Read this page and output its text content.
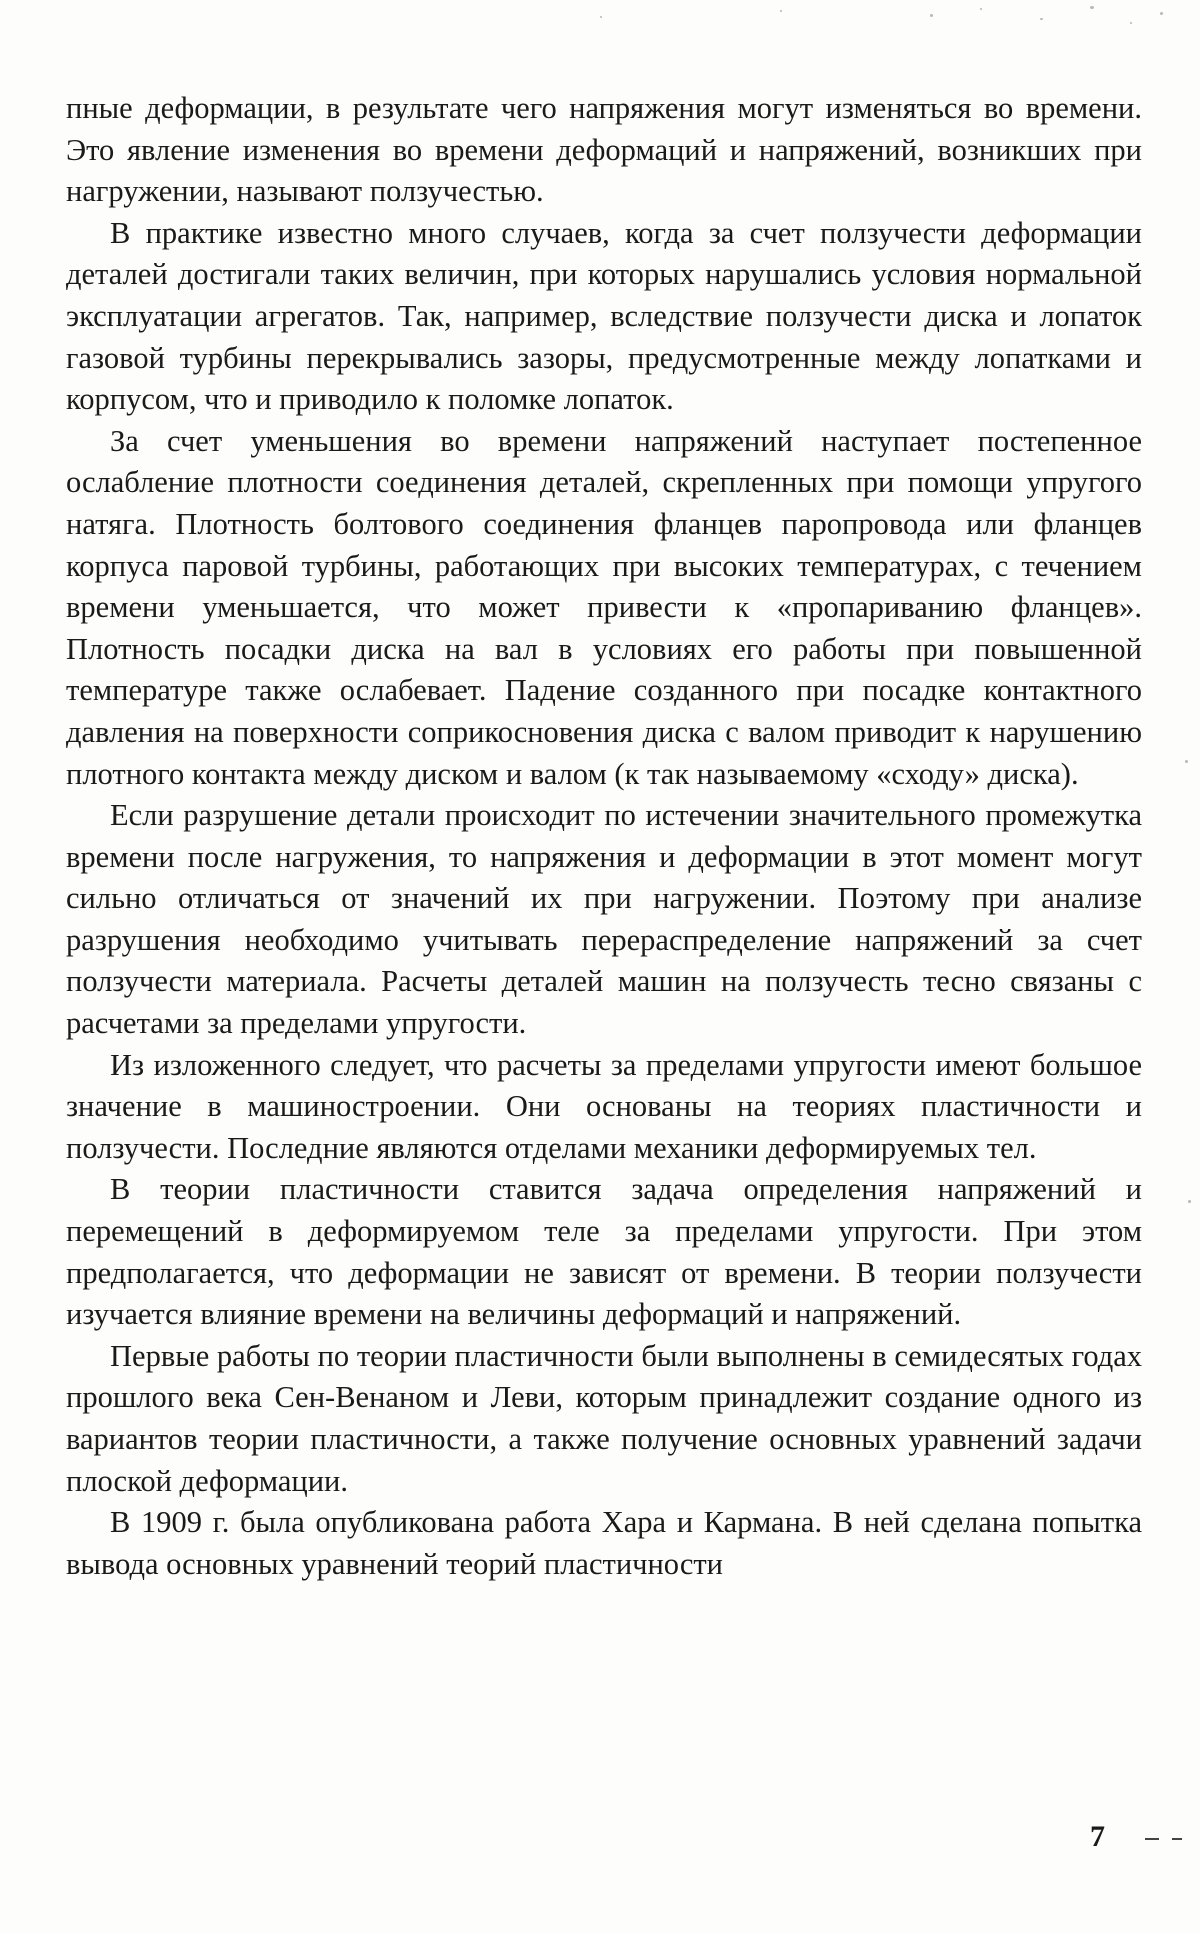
пные деформации, в результате чего напряжения могут изменяться во времени. Это явление изменения во времени деформаций и напряжений, возникших при нагружении, называют ползучестью.

В практике известно много случаев, когда за счет ползучести деформации деталей достигали таких величин, при которых нарушались условия нормальной эксплуатации агрегатов. Так, например, вследствие ползучести диска и лопаток газовой турбины перекрывались зазоры, предусмотренные между лопатками и корпусом, что и приводило к поломке лопаток.

За счет уменьшения во времени напряжений наступает постепенное ослабление плотности соединения деталей, скрепленных при помощи упругого натяга. Плотность болтового соединения фланцев паропровода или фланцев корпуса паровой турбины, работающих при высоких температурах, с течением времени уменьшается, что может привести к «пропариванию фланцев». Плотность посадки диска на вал в условиях его работы при повышенной температуре также ослабевает. Падение созданного при посадке контактного давления на поверхности соприкосновения диска с валом приводит к нарушению плотного контакта между диском и валом (к так называемому «сходу» диска).

Если разрушение детали происходит по истечении значительного промежутка времени после нагружения, то напряжения и деформации в этот момент могут сильно отличаться от значений их при нагружении. Поэтому при анализе разрушения необходимо учитывать перераспределение напряжений за счет ползучести материала. Расчеты деталей машин на ползучесть тесно связаны с расчетами за пределами упругости.

Из изложенного следует, что расчеты за пределами упругости имеют большое значение в машиностроении. Они основаны на теориях пластичности и ползучести. Последние являются отделами механики деформируемых тел.

В теории пластичности ставится задача определения напряжений и перемещений в деформируемом теле за пределами упругости. При этом предполагается, что деформации не зависят от времени. В теории ползучести изучается влияние времени на величины деформаций и напряжений.

Первые работы по теории пластичности были выполнены в семидесятых годах прошлого века Сен-Венаном и Леви, которым принадлежит создание одного из вариантов теории пластичности, а также получение основных уравнений задачи плоской деформации.

В 1909 г. была опубликована работа Хара и Кармана. В ней сделана попытка вывода основных уравнений теорий пластичности

7
